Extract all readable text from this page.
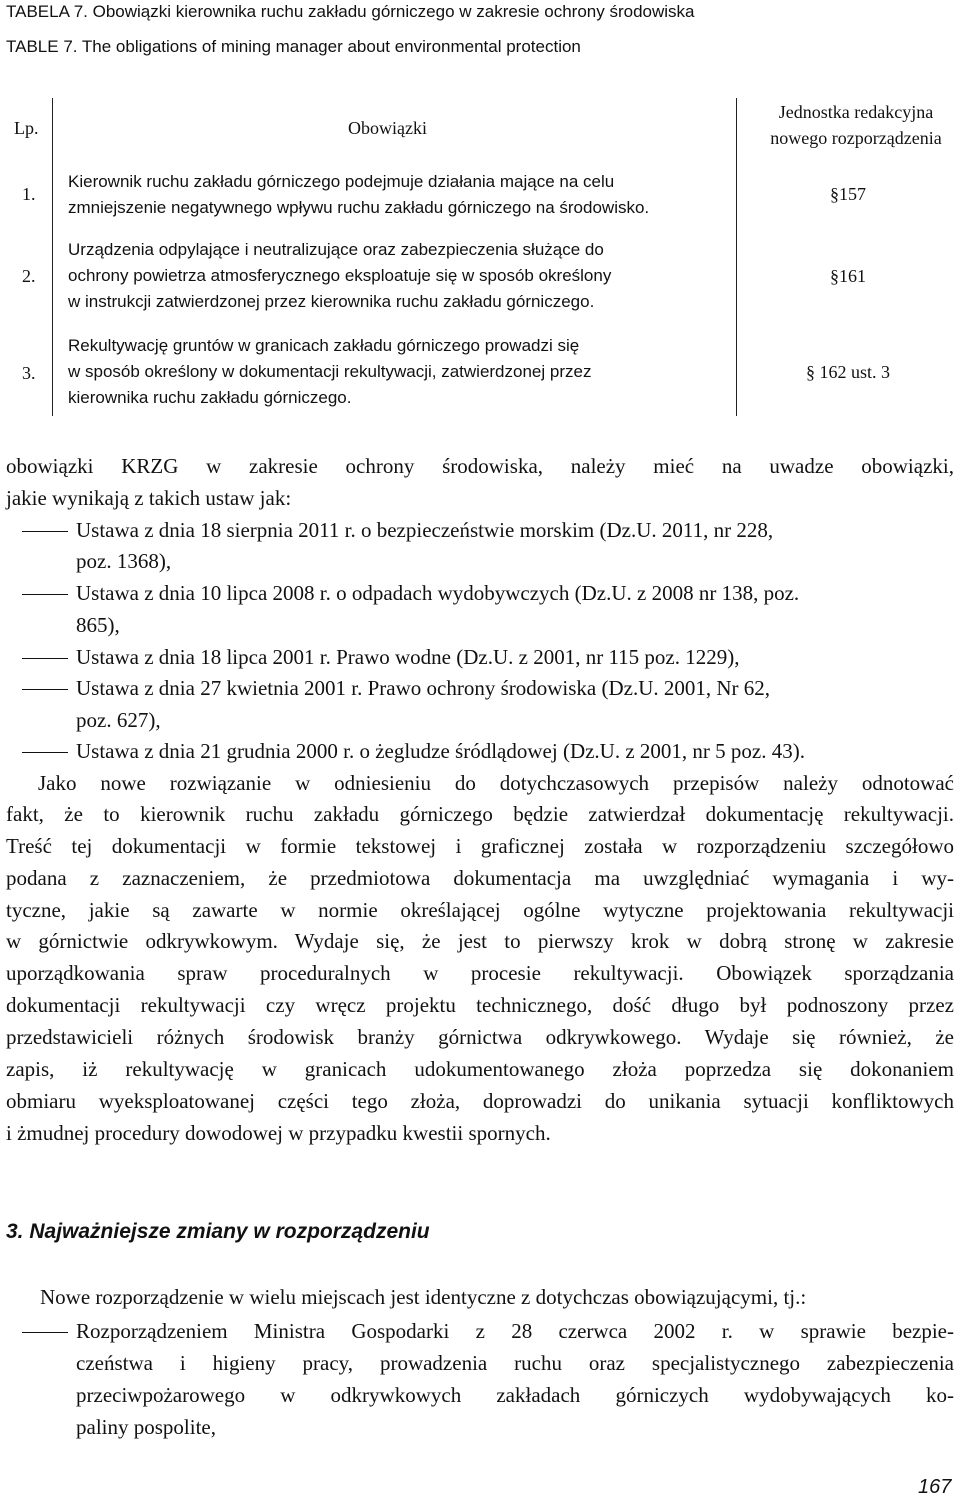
TABELA 7. Obowiązki kierownika ruchu zakładu górniczego w zakresie ochrony środowiska
TABLE 7. The obligations of mining manager about environmental protection
Lp.	Obowiązki
Jednostka redakcyjna
nowego rozporządzenia
1.
Kierownik ruchu zakładu górniczego podejmuje działania mające na celu
zmniejszenie negatywnego wpływu ruchu zakładu górniczego na środowisko.
§157
2.
Urządzenia odpylające i neutralizujące oraz zabezpieczenia służące do
ochrony powietrza atmosferycznego eksploatuje się w sposób określony
w instrukcji zatwierdzonej przez kierownika ruchu zakładu górniczego.
§161
3.
Rekultywację gruntów w granicach zakładu górniczego prowadzi się
w sposób określony w dokumentacji rekultywacji, zatwierdzonej przez
kierownika ruchu zakładu górniczego.
§ 162 ust. 3
obowiązki KRZG w zakresie ochrony środowiska, należy mieć na uwadze obowiązki,
jakie wynikają z takich ustaw jak:
Ustawa z dnia 18 sierpnia 2011 r. o bezpieczeństwie morskim (Dz.U. 2011, nr 228,
poz. 1368),
Ustawa z dnia 10 lipca 2008 r. o odpadach wydobywczych (Dz.U. z 2008 nr 138, poz.
865),
Ustawa z dnia 18 lipca 2001 r. Prawo wodne (Dz.U. z 2001, nr 115 poz. 1229),
Ustawa z dnia 27 kwietnia 2001 r. Prawo ochrony środowiska (Dz.U. 2001, Nr 62,
poz. 627),
Ustawa z dnia 21 grudnia 2000 r. o żegludze śródlądowej (Dz.U. z 2001, nr 5 poz. 43).
Jako nowe rozwiązanie w odniesieniu do dotychczasowych przepisów należy odnotować
fakt, że to kierownik ruchu zakładu górniczego będzie zatwierdzał dokumentację rekultywacji.
Treść tej dokumentacji w formie tekstowej i graficznej została w rozporządzeniu szczegółowo
podana z zaznaczeniem, że przedmiotowa dokumentacja ma uwzględniać wymagania i wy-
tyczne, jakie są zawarte w normie określającej ogólne wytyczne projektowania rekultywacji
w górnictwie odkrywkowym. Wydaje się, że jest to pierwszy krok w dobrą stronę w zakresie
uporządkowania spraw proceduralnych w procesie rekultywacji. Obowiązek sporządzania
dokumentacji rekultywacji czy wręcz projektu technicznego, dość długo był podnoszony przez
przedstawicieli różnych środowisk branży górnictwa odkrywkowego. Wydaje się również, że
zapis, iż rekultywację w granicach udokumentowanego złoża poprzedza się dokonaniem
obmiaru wyeksploatowanej części tego złoża, doprowadzi do unikania sytuacji konfliktowych
i żmudnej procedury dowodowej w przypadku kwestii spornych.
3. Najważniejsze zmiany w rozporządzeniu
Nowe rozporządzenie w wielu miejscach jest identyczne z dotychczas obowiązującymi, tj.:
Rozporządzeniem Ministra Gospodarki z 28 czerwca 2002 r. w sprawie bezpie-
czeństwa i higieny pracy, prowadzenia ruchu oraz specjalistycznego zabezpieczenia
przeciwpożarowego w odkrywkowych zakładach górniczych wydobywających ko-
paliny pospolite,
167
